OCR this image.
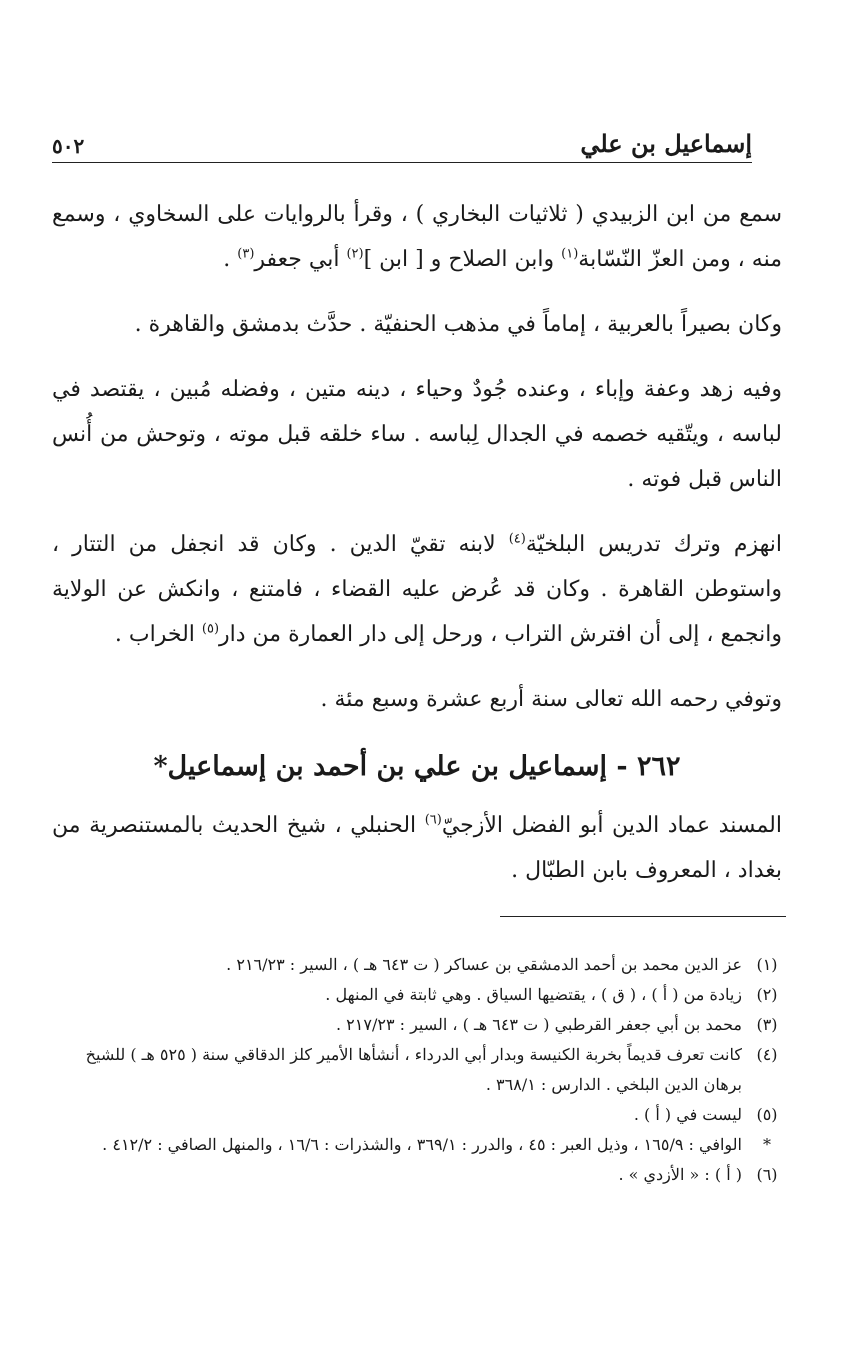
إسماعيل بن علي
٥٠٢

سمع من ابن الزبيدي ( ثلاثيات البخاري ) ، وقرأ بالروايات على السخاوي ، وسمع منه ، ومن العزّ النّسّابة$^{(١)}$ وابن الصلاح و [ ابن ]$^{(٢)}$ أبي جعفر$^{(٣)}$ .

وكان بصيراً بالعربية ، إماماً في مذهب الحنفيّة . حدَّث بدمشق والقاهرة .

وفيه زهد وعفة وإباء ، وعنده جُودٌ وحياء ، دينه متين ، وفضله مُبين ، يقتصد في لباسه ، ويتّقيه خصمه في الجدال لِباسه . ساء خلقه قبل موته ، وتوحش من أُنس الناس قبل فوته .

انهزم وترك تدريس البلخيّة$^{(٤)}$ لابنه تقيّ الدين . وكان قد انجفل من التتار ، واستوطن القاهرة . وكان قد عُرض عليه القضاء ، فامتنع ، وانكش عن الولاية وانجمع ، إلى أن افترش التراب ، ورحل إلى دار العمارة من دار$^{(٥)}$ الخراب .

وتوفي رحمه الله تعالى سنة أربع عشرة وسبع مئة .

٢٦٢ - إسماعيل بن علي بن أحمد بن إسماعيل*

المسند عماد الدين أبو الفضل الأزجيّ$^{(٦)}$ الحنبلي ، شيخ الحديث بالمستنصرية من بغداد ، المعروف بابن الطبّال .

(١)
عز الدين محمد بن أحمد الدمشقي بن عساكر ( ت ٦٤٣ هـ ) ، السير : ٢١٦/٢٣ .
(٢)
زيادة من ( أ ) ، ( ق ) ، يقتضيها السياق . وهي ثابتة في المنهل .
(٣)
محمد بن أبي جعفر القرطبي ( ت ٦٤٣ هـ ) ، السير : ٢١٧/٢٣ .
(٤)
كانت تعرف قديماً بخربة الكنيسة وبدار أبي الدرداء ، أنشأها الأمير كلز الدقاقي سنة ( ٥٢٥ هـ ) للشيخ برهان الدين البلخي . الدارس : ٣٦٨/١ .
(٥)
ليست في ( أ ) .
*
الوافي : ١٦٥/٩ ، وذيل العبر : ٤٥ ، والدرر : ٣٦٩/١ ، والشذرات : ١٦/٦ ، والمنهل الصافي : ٤١٢/٢ .
(٦)
( أ ) : « الأزدي » .
